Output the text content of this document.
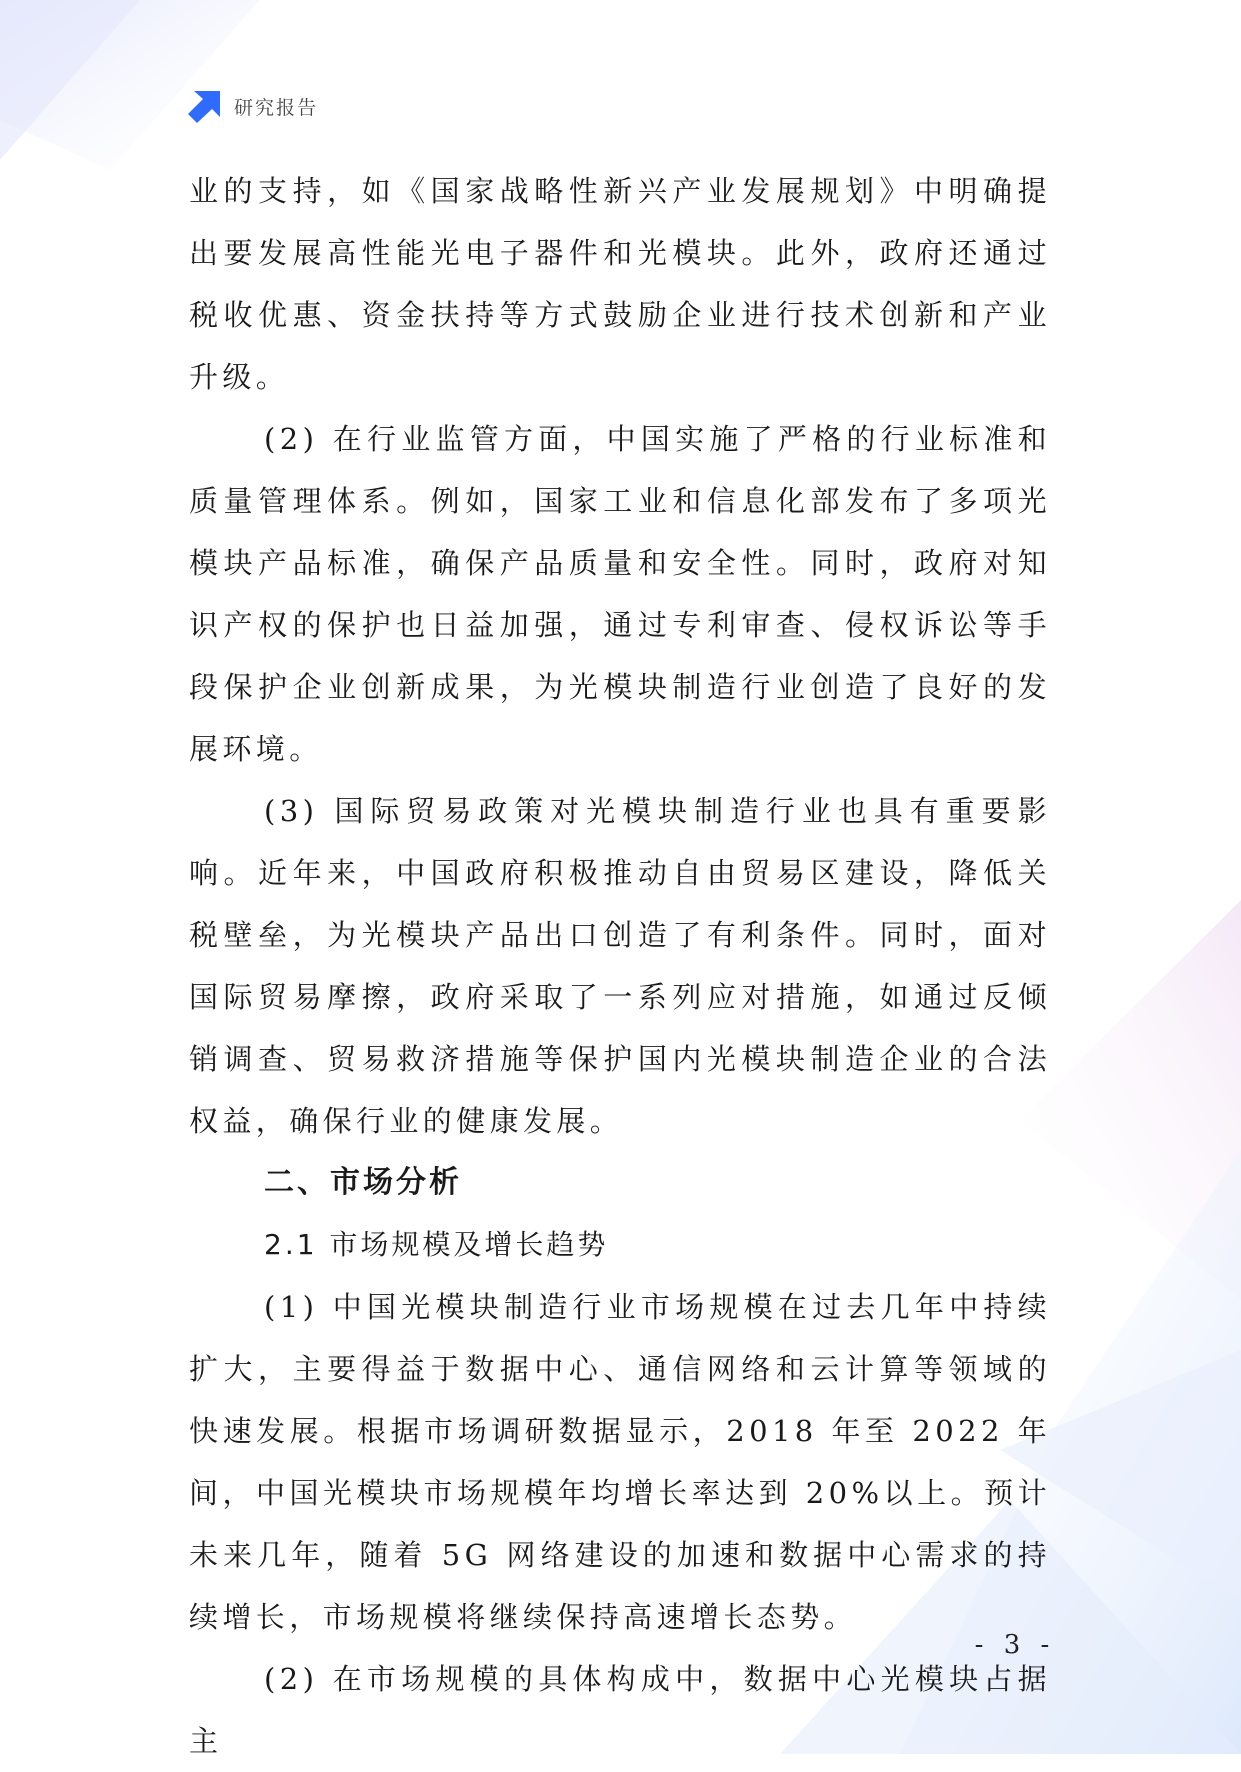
研究报告

业的支持，如《国家战略性新兴产业发展规划》中明确提出要发展高性能光电子器件和光模块。此外，政府还通过税收优惠、资金扶持等方式鼓励企业进行技术创新和产业升级。

(2) 在行业监管方面，中国实施了严格的行业标准和质量管理体系。例如，国家工业和信息化部发布了多项光模块产品标准，确保产品质量和安全性。同时，政府对知识产权的保护也日益加强，通过专利审查、侵权诉讼等手段保护企业创新成果，为光模块制造行业创造了良好的发展环境。

(3) 国际贸易政策对光模块制造行业也具有重要影响。近年来，中国政府积极推动自由贸易区建设，降低关税壁垒，为光模块产品出口创造了有利条件。同时，面对国际贸易摩擦，政府采取了一系列应对措施，如通过反倾销调查、贸易救济措施等保护国内光模块制造企业的合法权益，确保行业的健康发展。

二、市场分析

2.1 市场规模及增长趋势

(1) 中国光模块制造行业市场规模在过去几年中持续扩大，主要得益于数据中心、通信网络和云计算等领域的快速发展。根据市场调研数据显示，2018 年至 2022 年间，中国光模块市场规模年均增长率达到 20%以上。预计未来几年，随着 5G 网络建设的加速和数据中心需求的持续增长，市场规模将继续保持高速增长态势。

(2) 在市场规模的具体构成中，数据中心光模块占据主

- 3 -
